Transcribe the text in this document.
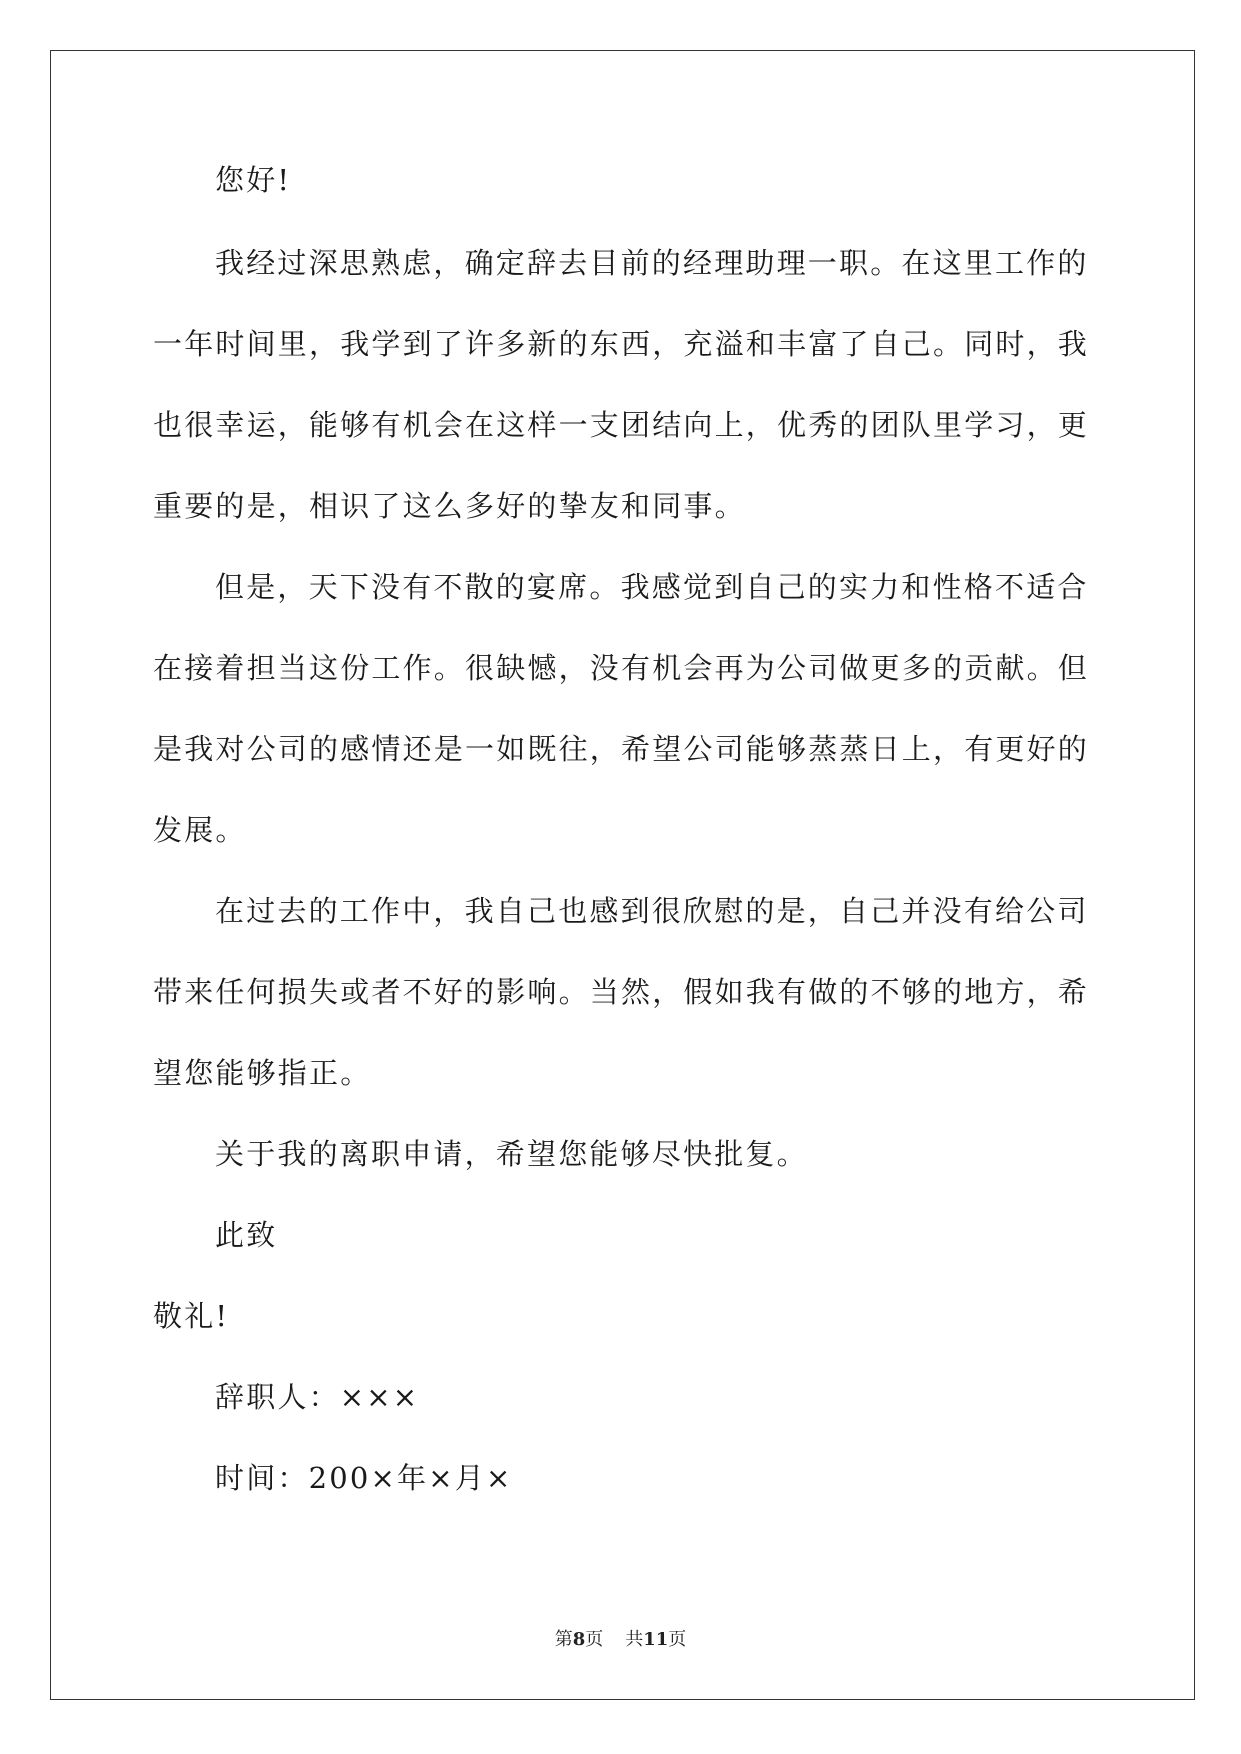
您好!
我经过深思熟虑，确定辞去目前的经理助理一职。在这里工作的
一年时间里，我学到了许多新的东西，充溢和丰富了自己。同时，我
也很幸运，能够有机会在这样一支团结向上，优秀的团队里学习，更
重要的是，相识了这么多好的挚友和同事。
但是，天下没有不散的宴席。我感觉到自己的实力和性格不适合
在接着担当这份工作。很缺憾，没有机会再为公司做更多的贡献。但
是我对公司的感情还是一如既往，希望公司能够蒸蒸日上，有更好的
发展。
在过去的工作中，我自己也感到很欣慰的是，自己并没有给公司
带来任何损失或者不好的影响。当然，假如我有做的不够的地方，希
望您能够指正。
关于我的离职申请，希望您能够尽快批复。
此致
敬礼!
辞职人：×××
时间：200×年×月×
第8页 共11页
